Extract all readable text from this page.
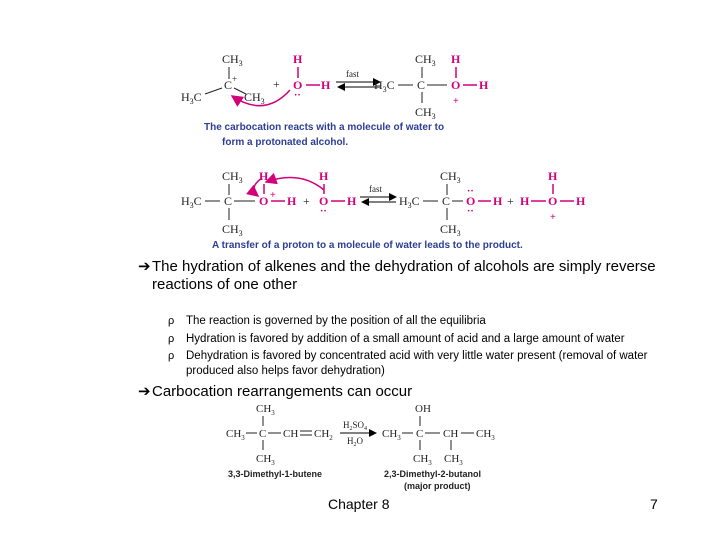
$CH_3$
C +
$H_3C$	$CH_3$
+
H
O H
··
fast
$CH_3$
$H_3C$ C
$CH_3$
H
O H
+
The carbocation reacts with a molecule of water to
form a protonated alcohol.
$CH_3$
$H_3C$ C
$CH_3$
H
O + H
H
O H
··
+
fast
$CH_3$
$H_3C$ C
$CH_3$
O
··
··
H
H
H O H
+
+
A transfer of a proton to a molecule of water leads to the product.
$CH_3$
$CH_3$ C CH $CH_2$
$CH_3$
$H_2SO_4$
$H_2O$
$CH_3$
OH
C CH $CH_3$
$CH_3$ $CH_3$
3,3-Dimethyl-1-butene	2,3-Dimethyl-2-butanol
(major product)
➔ The hydration of alkenes and the dehydration of alcohols are simply reverse reactions of one other
ρ The reaction is governed by the position of all the equilibria
ρ Hydration is favored by addition of a small amount of acid and a large amount of water
ρ Dehydration is favored by concentrated acid with very little water present (removal of water produced also helps favor dehydration)
➔ Carbocation rearrangements can occur
Chapter 8	7
